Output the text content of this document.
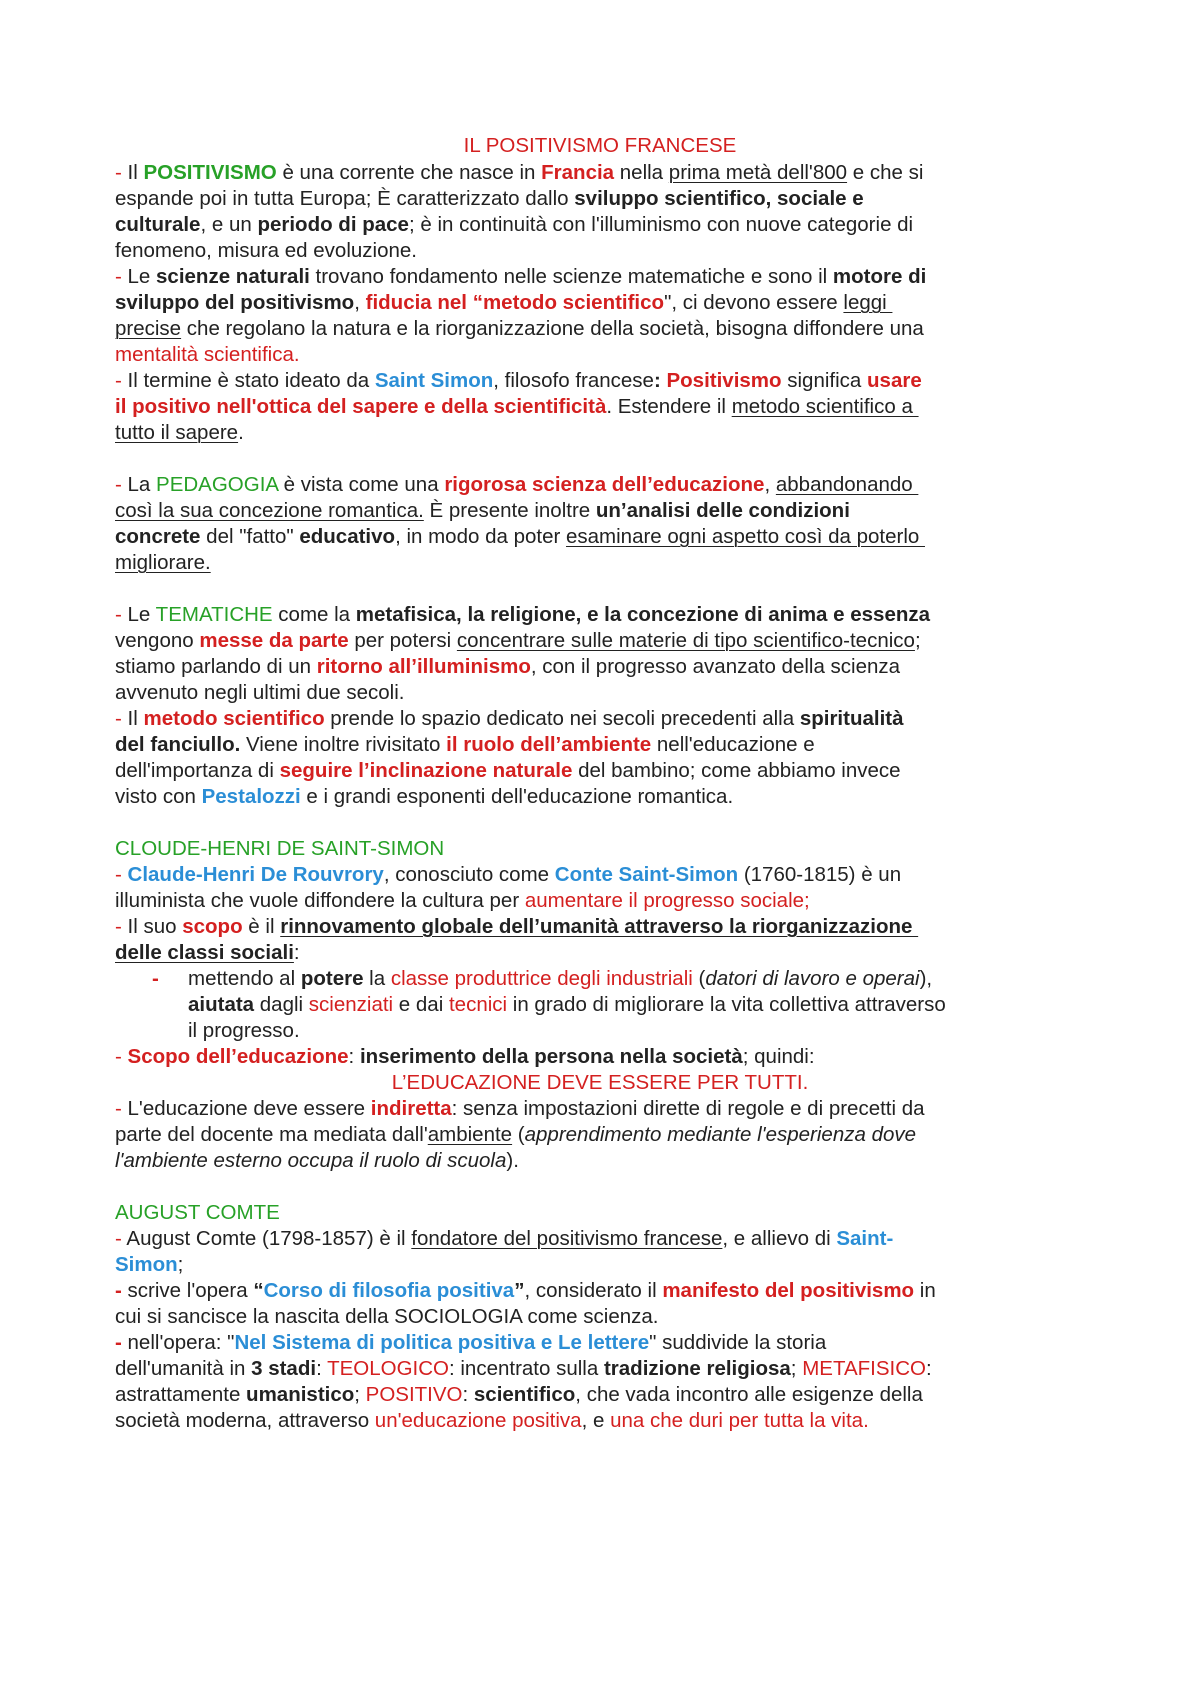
IL POSITIVISMO FRANCESE
- Il POSITIVISMO è una corrente che nasce in Francia nella prima metà dell'800 e che si
espande poi in tutta Europa; È caratterizzato dallo sviluppo scientifico, sociale e
culturale, e un periodo di pace; è in continuità con l'illuminismo con nuove categorie di
fenomeno, misura ed evoluzione.
- Le scienze naturali trovano fondamento nelle scienze matematiche e sono il motore di
sviluppo del positivismo, fiducia nel “metodo scientifico", ci devono essere leggi
precise che regolano la natura e la riorganizzazione della società, bisogna diffondere una
mentalità scientifica.
- Il termine è stato ideato da Saint Simon, filosofo francese: Positivismo significa usare
il positivo nell'ottica del sapere e della scientificità. Estendere il metodo scientifico a
tutto il sapere.
- La PEDAGOGIA è vista come una rigorosa scienza dell’educazione, abbandonando
così la sua concezione romantica. È presente inoltre un’analisi delle condizioni
concrete del "fatto" educativo, in modo da poter esaminare ogni aspetto così da poterlo
migliorare.
- Le TEMATICHE come la metafisica, la religione, e la concezione di anima e essenza
vengono messe da parte per potersi concentrare sulle materie di tipo scientifico-tecnico;
stiamo parlando di un ritorno all’illuminismo, con il progresso avanzato della scienza
avvenuto negli ultimi due secoli.
- Il metodo scientifico prende lo spazio dedicato nei secoli precedenti alla spiritualità
del fanciullo. Viene inoltre rivisitato il ruolo dell’ambiente nell'educazione e
dell'importanza di seguire l’inclinazione naturale del bambino; come abbiamo invece
visto con Pestalozzi e i grandi esponenti dell'educazione romantica.
CLOUDE-HENRI DE SAINT-SIMON
- Claude-Henri De Rouvrory, conosciuto come Conte Saint-Simon (1760-1815) è un
illuminista che vuole diffondere la cultura per aumentare il progresso sociale;
- Il suo scopo è il rinnovamento globale dell’umanità attraverso la riorganizzazione
delle classi sociali:
- mettendo al potere la classe produttrice degli industriali (datori di lavoro e operai),
aiutata dagli scienziati e dai tecnici in grado di migliorare la vita collettiva attraverso
il progresso.
- Scopo dell’educazione: inserimento della persona nella società; quindi:
L’EDUCAZIONE DEVE ESSERE PER TUTTI.
- L'educazione deve essere indiretta: senza impostazioni dirette di regole e di precetti da
parte del docente ma mediata dall'ambiente (apprendimento mediante l'esperienza dove
l'ambiente esterno occupa il ruolo di scuola).
AUGUST COMTE
- August Comte (1798-1857) è il fondatore del positivismo francese, e allievo di Saint-
Simon;
- scrive l'opera “Corso di filosofia positiva”, considerato il manifesto del positivismo in
cui si sancisce la nascita della SOCIOLOGIA come scienza.
- nell'opera: "Nel Sistema di politica positiva e Le lettere" suddivide la storia
dell'umanità in 3 stadi: TEOLOGICO: incentrato sulla tradizione religiosa; METAFISICO:
astrattamente umanistico; POSITIVO: scientifico, che vada incontro alle esigenze della
società moderna, attraverso un'educazione positiva, e una che duri per tutta la vita.
